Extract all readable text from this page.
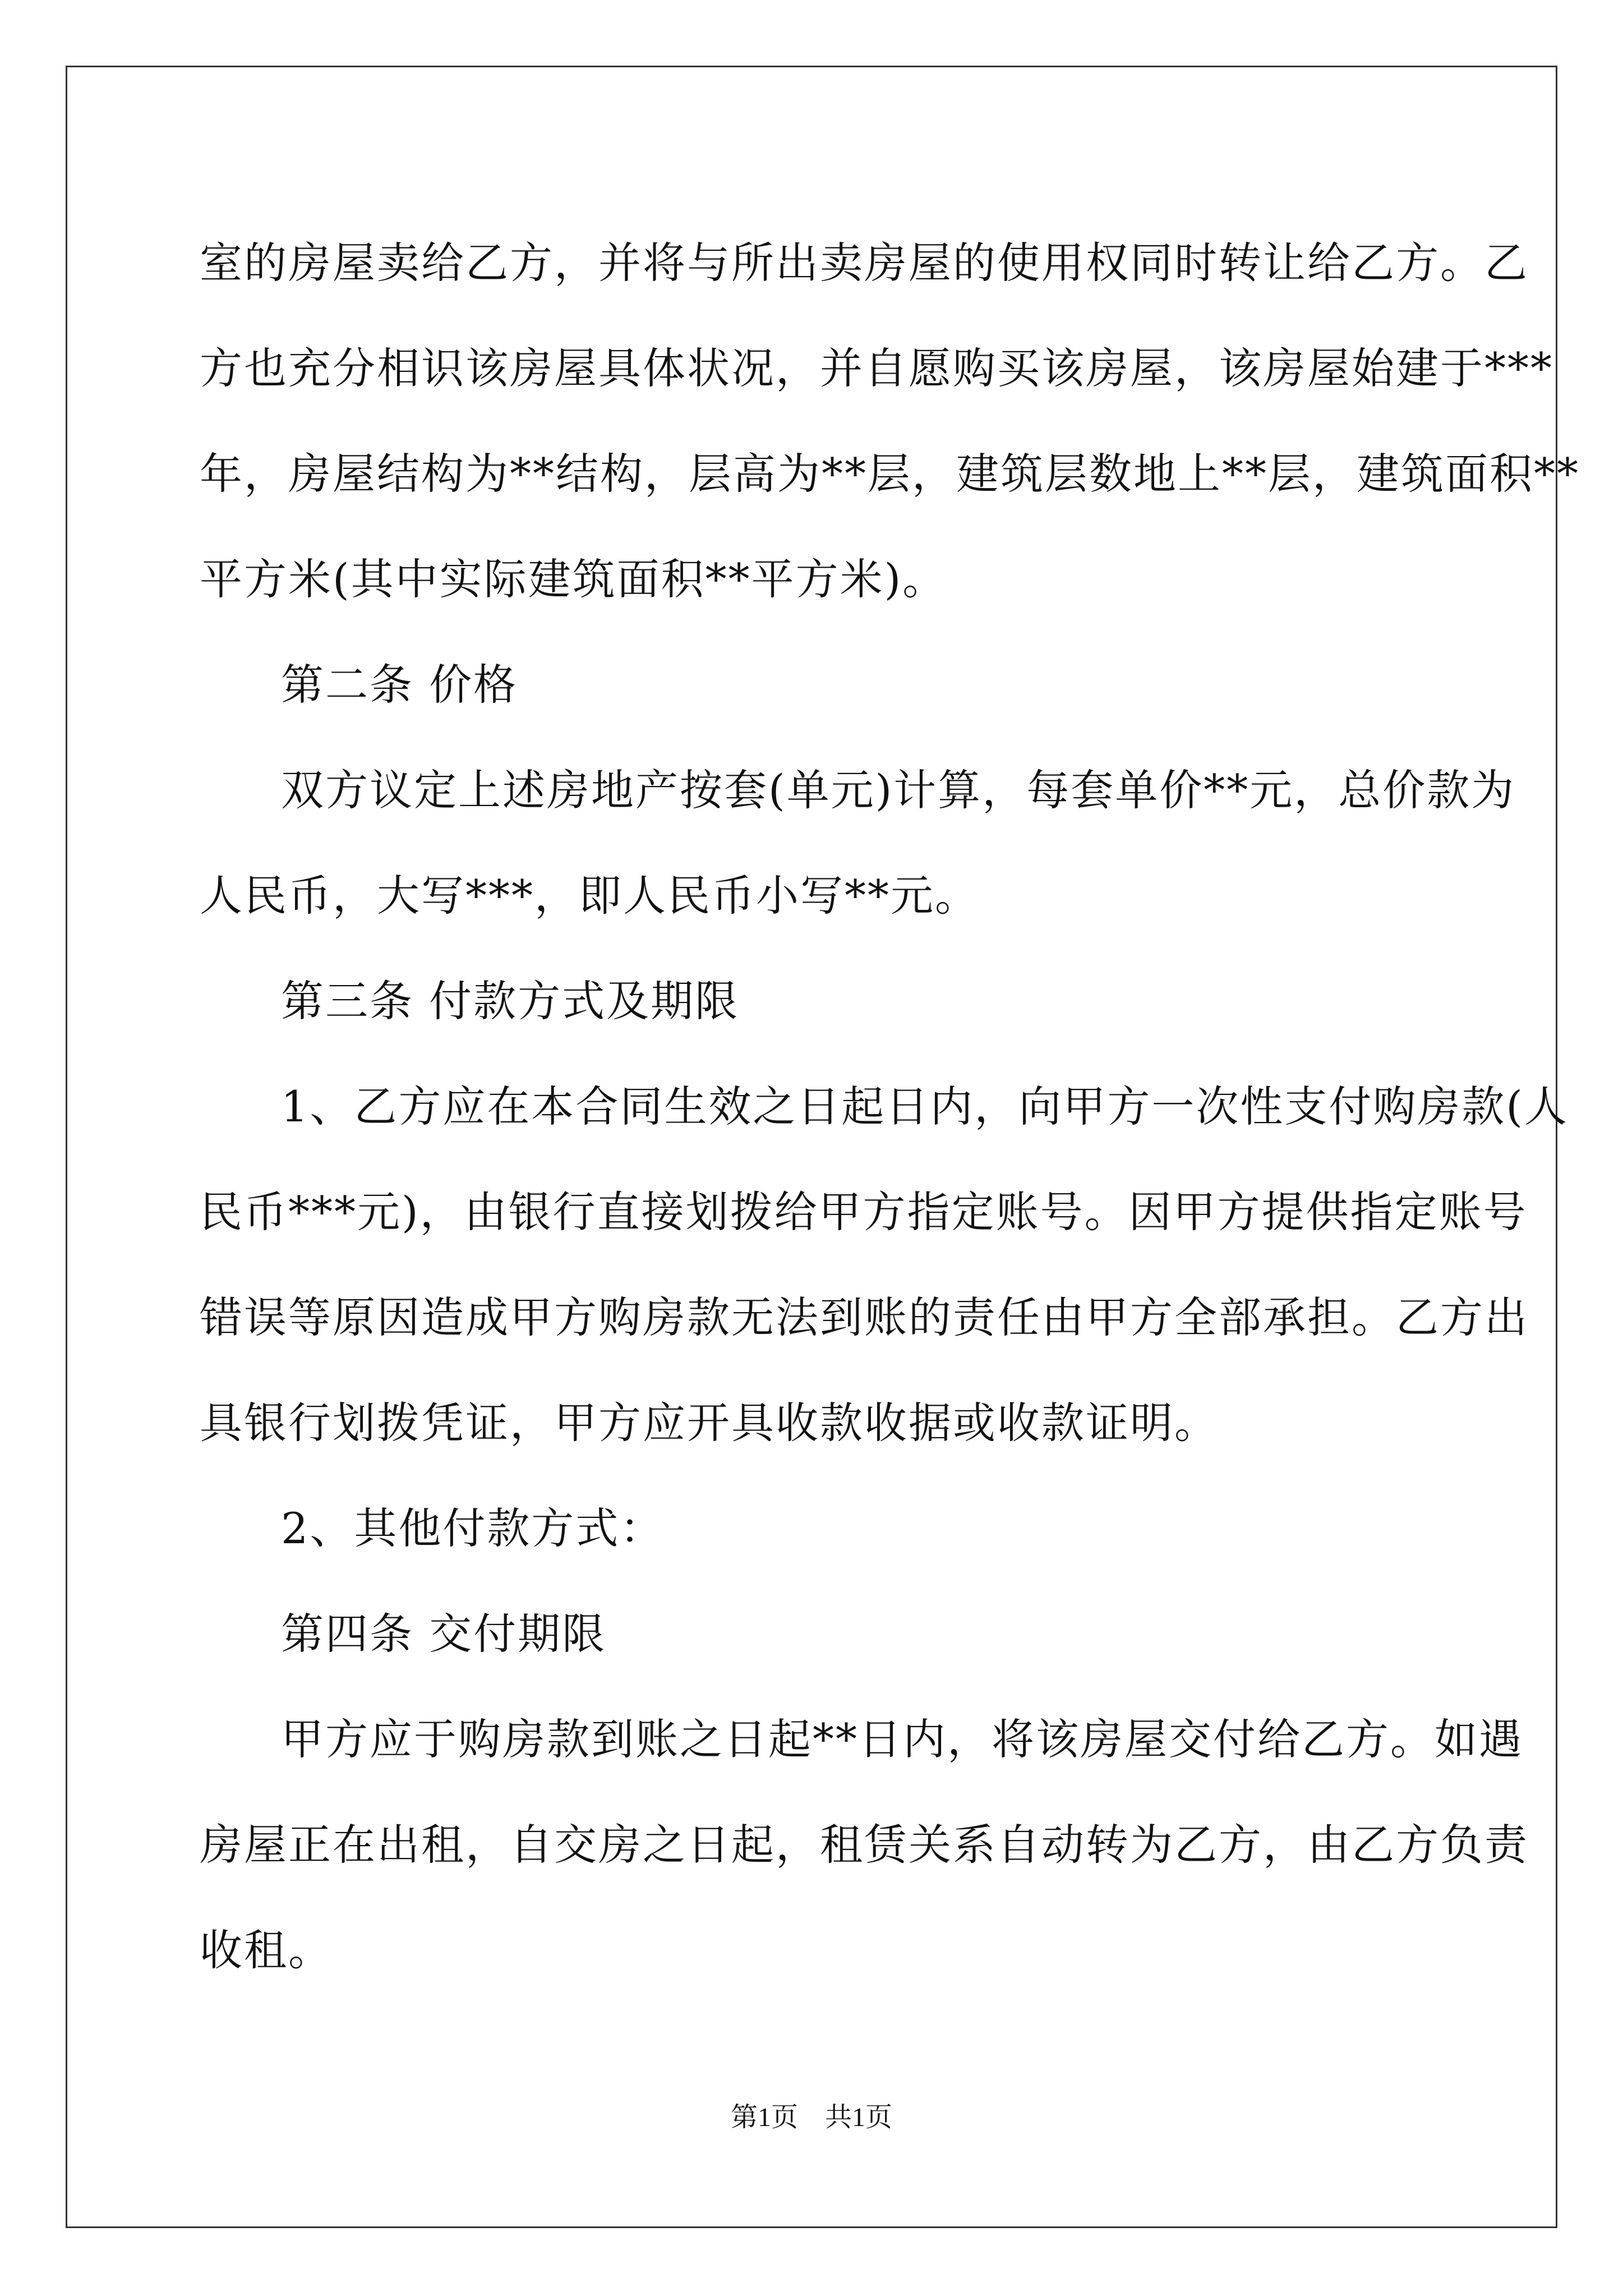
室的房屋卖给乙方，并将与所出卖房屋的使用权同时转让给乙方。乙
方也充分相识该房屋具体状况，并自愿购买该房屋，该房屋始建于***
年，房屋结构为**结构，层高为**层，建筑层数地上**层，建筑面积**
平方米(其中实际建筑面积**平方米)。
第二条 价格
双方议定上述房地产按套(单元)计算，每套单价**元，总价款为
人民币，大写***，即人民币小写**元。
第三条 付款方式及期限
1、乙方应在本合同生效之日起日内，向甲方一次性支付购房款(人
民币***元)，由银行直接划拨给甲方指定账号。因甲方提供指定账号
错误等原因造成甲方购房款无法到账的责任由甲方全部承担。乙方出
具银行划拨凭证，甲方应开具收款收据或收款证明。
2、其他付款方式：
第四条 交付期限
甲方应于购房款到账之日起**日内，将该房屋交付给乙方。如遇
房屋正在出租，自交房之日起，租赁关系自动转为乙方，由乙方负责
收租。
第1页 共1页
